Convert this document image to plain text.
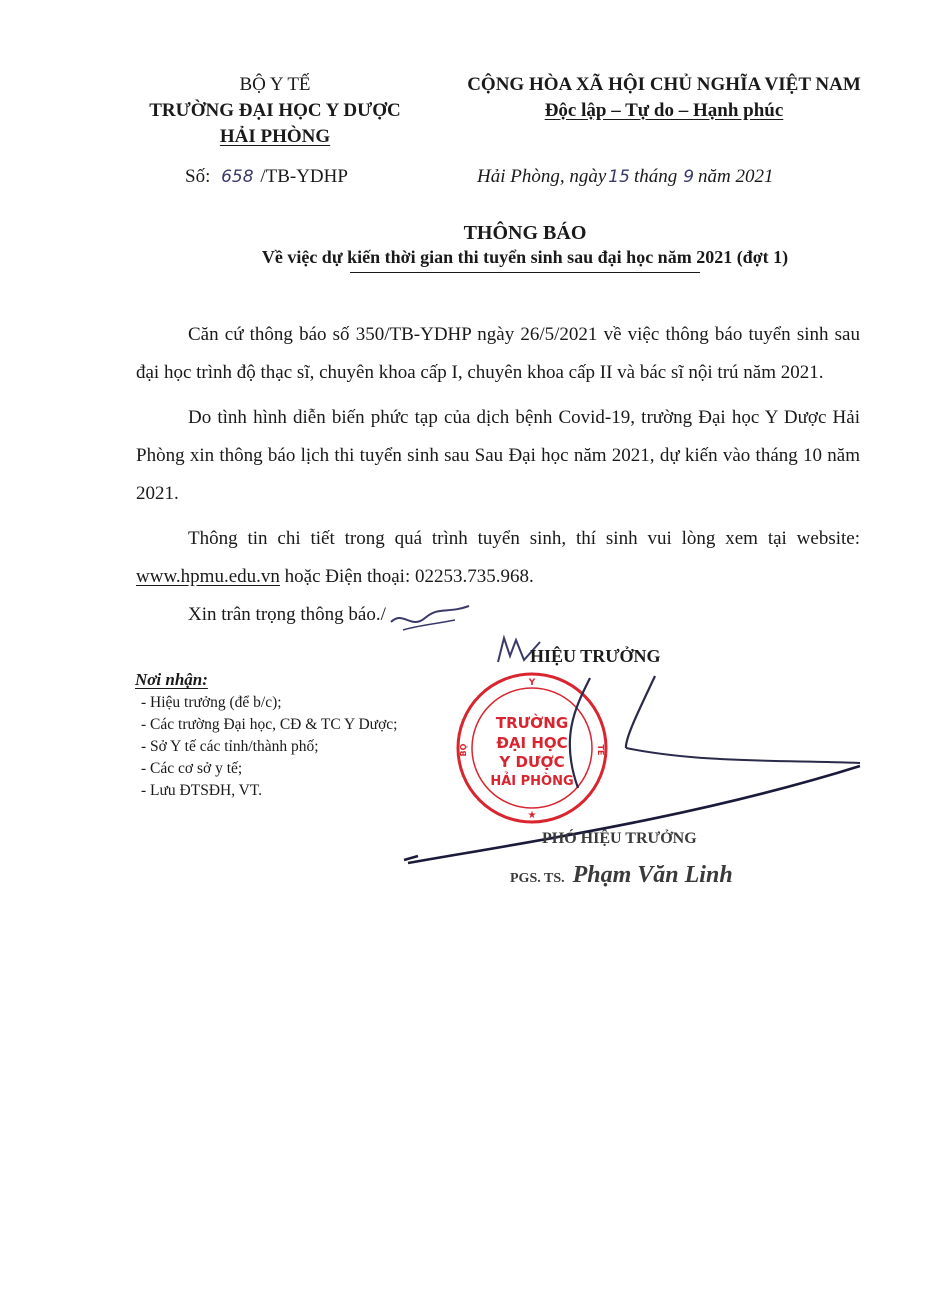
BỘ Y TẾ
TRƯỜNG ĐẠI HỌC Y DƯỢC
HẢI PHÒNG
Số: 658 /TB-YDHP
CỘNG HÒA XÃ HỘI CHỦ NGHĨA VIỆT NAM
Độc lập – Tự do – Hạnh phúc
Hải Phòng, ngày 15 tháng 9 năm 2021
THÔNG BÁO
Về việc dự kiến thời gian thi tuyển sinh sau đại học năm 2021 (đợt 1)
Căn cứ thông báo số 350/TB-YDHP ngày 26/5/2021 về việc thông báo tuyển sinh sau đại học trình độ thạc sĩ, chuyên khoa cấp I, chuyên khoa cấp II và bác sĩ nội trú năm 2021.
Do tình hình diễn biến phức tạp của dịch bệnh Covid-19, trường Đại học Y Dược Hải Phòng xin thông báo lịch thi tuyển sinh sau Sau Đại học năm 2021, dự kiến vào tháng 10 năm 2021.
Thông tin chi tiết trong quá trình tuyển sinh, thí sinh vui lòng xem tại website: www.hpmu.edu.vn hoặc Điện thoại: 02253.735.968.
Xin trân trọng thông báo./
Nơi nhận:
- Hiệu trưởng (để b/c);
- Các trường Đại học, CĐ & TC Y Dược;
- Sở Y tế các tỉnh/thành phố;
- Các cơ sở y tế;
- Lưu ĐTSĐH, VT.
HIỆU TRƯỞNG
Y
BỘ	TẾ
TRƯỜNG
ĐẠI HỌC
Y DƯỢC
HẢI PHÒNG
★
PHÓ HIỆU TRƯỞNG
PGS. TS. Phạm Văn Linh
